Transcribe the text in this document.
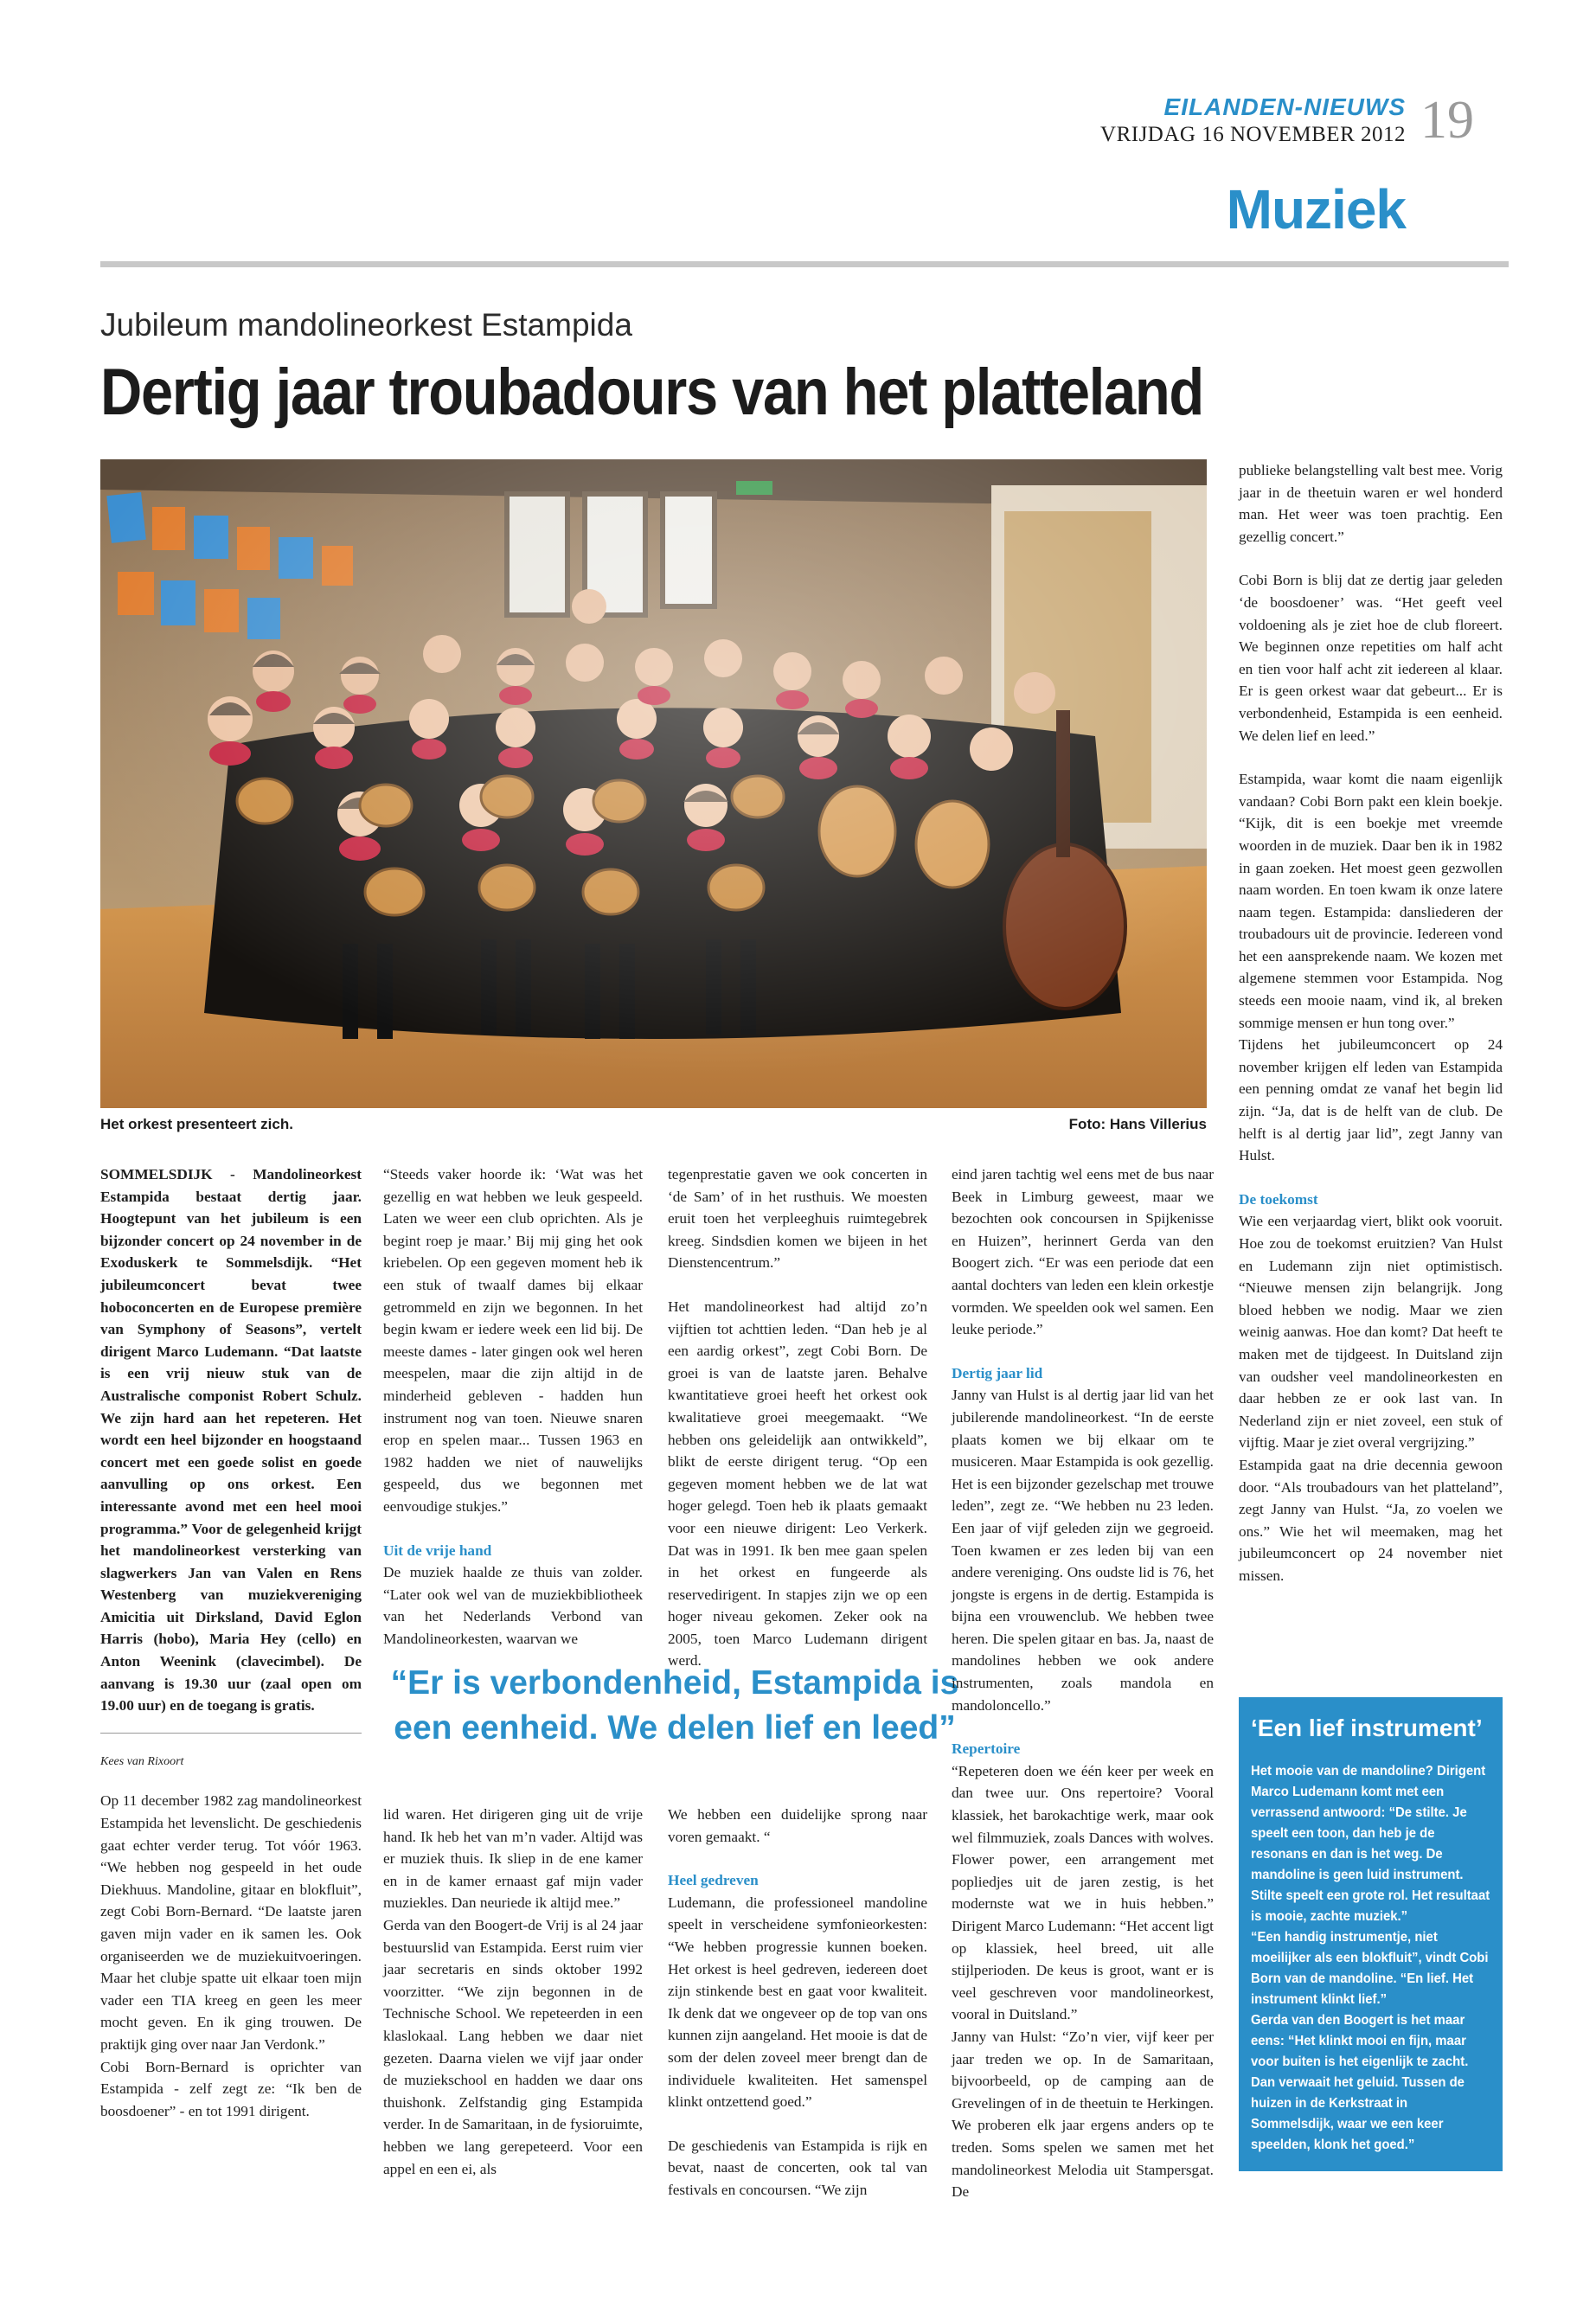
EILANDEN-NIEUWS
VRIJDAG 16 NOVEMBER 2012 19
Muziek
Jubileum mandolineorkest Estampida
Dertig jaar troubadours van het platteland
Het orkest presenteert zich.	Foto: Hans Villerius

SOMMELSDIJK - Mandolineorkest Estampida bestaat dertig jaar. Hoogtepunt van het jubileum is een bijzonder concert op 24 november in de Exoduskerk te Sommelsdijk. “Het jubileumconcert bevat twee hoboconcerten en de Europese première van Symphony of Seasons”, vertelt dirigent Marco Ludemann. “Dat laatste is een vrij nieuw stuk van de Australische componist Robert Schulz. We zijn hard aan het repeteren. Het wordt een heel bijzonder en hoogstaand concert met een goede solist en goede aanvulling op ons orkest. Een interessante avond met een heel mooi programma.” Voor de gelegenheid krijgt het mandolineorkest versterking van slagwerkers Jan van Valen en Rens Westenberg van muziekvereniging Amicitia uit Dirksland, David Eglon Harris (hobo), Maria Hey (cello) en Anton Weenink (clavecimbel). De aanvang is 19.30 uur (zaal open om 19.00 uur) en de toegang is gratis.

Kees van Rixoort

Op 11 december 1982 zag mandolineorkest Estampida het levenslicht. De geschiedenis gaat echter verder terug. Tot vóór 1963. “We hebben nog gespeeld in het oude Diekhuus. Mandoline, gitaar en blokfluit”, zegt Cobi Born-Bernard. “De laatste jaren gaven mijn vader en ik samen les. Ook organiseerden we de muziekuitvoeringen. Maar het clubje spatte uit elkaar toen mijn vader een TIA kreeg en geen les meer mocht geven. En ik ging trouwen. De praktijk ging over naar Jan Verdonk.”

Cobi Born-Bernard is oprichter van Estampida - zelf zegt ze: “Ik ben de boosdoener” - en tot 1991 dirigent.

“Steeds vaker hoorde ik: ‘Wat was het gezellig en wat hebben we leuk gespeeld. Laten we weer een club oprichten. Als je begint roep je maar.’ Bij mij ging het ook kriebelen. Op een gegeven moment heb ik een stuk of twaalf dames bij elkaar getrommeld en zijn we begonnen. In het begin kwam er iedere week een lid bij. De meeste dames - later gingen ook wel heren meespelen, maar die zijn altijd in de minderheid gebleven - hadden hun instrument nog van toen. Nieuwe snaren erop en spelen maar... Tussen 1963 en 1982 hadden we niet of nauwelijks gespeeld, dus we begonnen met eenvoudige stukjes.”

Uit de vrije hand

De muziek haalde ze thuis van zolder. “Later ook wel van de muziekbibliotheek van het Nederlands Verbond van Mandolineorkesten, waarvan we

lid waren. Het dirigeren ging uit de vrije hand. Ik heb het van m’n vader. Altijd was er muziek thuis. Ik sliep in de ene kamer en in de kamer ernaast gaf mijn vader muziekles. Dan neuriede ik altijd mee.”

Gerda van den Boogert-de Vrij is al 24 jaar bestuurslid van Estampida. Eerst ruim vier jaar secretaris en sinds oktober 1992 voorzitter. “We zijn begonnen in de Technische School. We repeteerden in een klaslokaal. Lang hebben we daar niet gezeten. Daarna vielen we vijf jaar onder de muziekschool en hadden we daar ons thuishonk. Zelfstandig ging Estampida verder. In de Samaritaan, in de fysioruimte, hebben we lang gerepeteerd. Voor een appel en een ei, als

tegenprestatie gaven we ook concerten in ‘de Sam’ of in het rusthuis. We moesten eruit toen het verpleeghuis ruimtegebrek kreeg. Sindsdien komen we bijeen in het Dienstencentrum.”

Het mandolineorkest had altijd zo’n vijftien tot achttien leden. “Dan heb je al een aardig orkest”, zegt Cobi Born. De groei is van de laatste jaren. Behalve kwantitatieve groei heeft het orkest ook kwalitatieve groei meegemaakt. “We hebben ons geleidelijk aan ontwikkeld”, blikt de eerste dirigent terug. “Op een gegeven moment hebben we de lat wat hoger gelegd. Toen heb ik plaats gemaakt voor een nieuwe dirigent: Leo Verkerk. Dat was in 1991. Ik ben mee gaan spelen in het orkest en fungeerde als reservedirigent. In stapjes zijn we op een hoger niveau gekomen. Zeker ook na 2005, toen Marco Ludemann dirigent werd.

We hebben een duidelijke sprong naar voren gemaakt. “

Heel gedreven

Ludemann, die professioneel mandoline speelt in verscheidene symfonieorkesten: “We hebben progressie kunnen boeken. Het orkest is heel gedreven, iedereen doet zijn stinkende best en gaat voor kwaliteit. Ik denk dat we ongeveer op de top van ons kunnen zijn aangeland. Het mooie is dat de som der delen zoveel meer brengt dan de individuele kwaliteiten. Het samenspel klinkt ontzettend goed.”

De geschiedenis van Estampida is rijk en bevat, naast de concerten, ook tal van festivals en concoursen. “We zijn

“Er is verbondenheid, Estampida is een eenheid. We delen lief en leed”

eind jaren tachtig wel eens met de bus naar Beek in Limburg geweest, maar we bezochten ook concoursen in Spijkenisse en Huizen”, herinnert Gerda van den Boogert zich. “Er was een periode dat een aantal dochters van leden een klein orkestje vormden. We speelden ook wel samen. Een leuke periode.”

Dertig jaar lid

Janny van Hulst is al dertig jaar lid van het jubilerende mandolineorkest. “In de eerste plaats komen we bij elkaar om te musiceren. Maar Estampida is ook gezellig. Het is een bijzonder gezelschap met trouwe leden”, zegt ze. “We hebben nu 23 leden. Een jaar of vijf geleden zijn we gegroeid. Toen kwamen er zes leden bij van een andere vereniging. Ons oudste lid is 76, het jongste is ergens in de dertig. Estampida is bijna een vrouwenclub. We hebben twee heren. Die spelen gitaar en bas. Ja, naast de mandolines hebben we ook andere instrumenten, zoals mandola en mandoloncello.”

Repertoire

“Repeteren doen we één keer per week en dan twee uur. Ons repertoire? Vooral klassiek, het barokachtige werk, maar ook wel filmmuziek, zoals Dances with wolves. Flower power, een arrangement met popliedjes uit de jaren zestig, is het modernste wat we in huis hebben.” Dirigent Marco Ludemann: “Het accent ligt op klassiek, heel breed, uit alle stijlperioden. De keus is groot, want er is veel geschreven voor mandolineorkest, vooral in Duitsland.”

Janny van Hulst: “Zo’n vier, vijf keer per jaar treden we op. In de Samaritaan, bijvoorbeeld, op de camping aan de Grevelingen of in de theetuin te Herkingen. We proberen elk jaar ergens anders op te treden. Soms spelen we samen met het mandolineorkest Melodia uit Stampersgat. De

publieke belangstelling valt best mee. Vorig jaar in de theetuin waren er wel honderd man. Het weer was toen prachtig. Een gezellig concert.”

Cobi Born is blij dat ze dertig jaar geleden ‘de boosdoener’ was. “Het geeft veel voldoening als je ziet hoe de club floreert. We beginnen onze repetities om half acht en tien voor half acht zit iedereen al klaar. Er is geen orkest waar dat gebeurt... Er is verbondenheid, Estampida is een eenheid. We delen lief en leed.”

Estampida, waar komt die naam eigenlijk vandaan? Cobi Born pakt een klein boekje. “Kijk, dit is een boekje met vreemde woorden in de muziek. Daar ben ik in 1982 in gaan zoeken. Het moest geen gezwollen naam worden. En toen kwam ik onze latere naam tegen. Estampida: dansliederen der troubadours uit de provincie. Iedereen vond het een aansprekende naam. We kozen met algemene stemmen voor Estampida. Nog steeds een mooie naam, vind ik, al breken sommige mensen er hun tong over.”

Tijdens het jubileumconcert op 24 november krijgen elf leden van Estampida een penning omdat ze vanaf het begin lid zijn. “Ja, dat is de helft van de club. De helft is al dertig jaar lid”, zegt Janny van Hulst.

De toekomst

Wie een verjaardag viert, blikt ook vooruit. Hoe zou de toekomst eruitzien? Van Hulst en Ludemann zijn niet optimistisch. “Nieuwe mensen zijn belangrijk. Jong bloed hebben we nodig. Maar we zien weinig aanwas. Hoe dan komt? Dat heeft te maken met de tijdgeest. In Duitsland zijn van oudsher veel mandolineorkesten en daar hebben ze er ook last van. In Nederland zijn er niet zoveel, een stuk of vijftig. Maar je ziet overal vergrijzing.”

Estampida gaat na drie decennia gewoon door. “Als troubadours van het platteland”, zegt Janny van Hulst. “Ja, zo voelen we ons.” Wie het wil meemaken, mag het jubileumconcert op 24 november niet missen.

‘Een lief instrument’

Het mooie van de mandoline? Dirigent Marco Ludemann komt met een verrassend antwoord: “De stilte. Je speelt een toon, dan heb je de resonans en dan is het weg. De mandoline is geen luid instrument. Stilte speelt een grote rol. Het resultaat is mooie, zachte muziek.”

“Een handig instrumentje, niet moeilijker als een blokfluit”, vindt Cobi Born van de mandoline. “En lief. Het instrument klinkt lief.”

Gerda van den Boogert is het maar eens: “Het klinkt mooi en fijn, maar voor buiten is het eigenlijk te zacht. Dan verwaait het geluid. Tussen de huizen in de Kerkstraat in Sommelsdijk, waar we een keer speelden, klonk het goed.”
